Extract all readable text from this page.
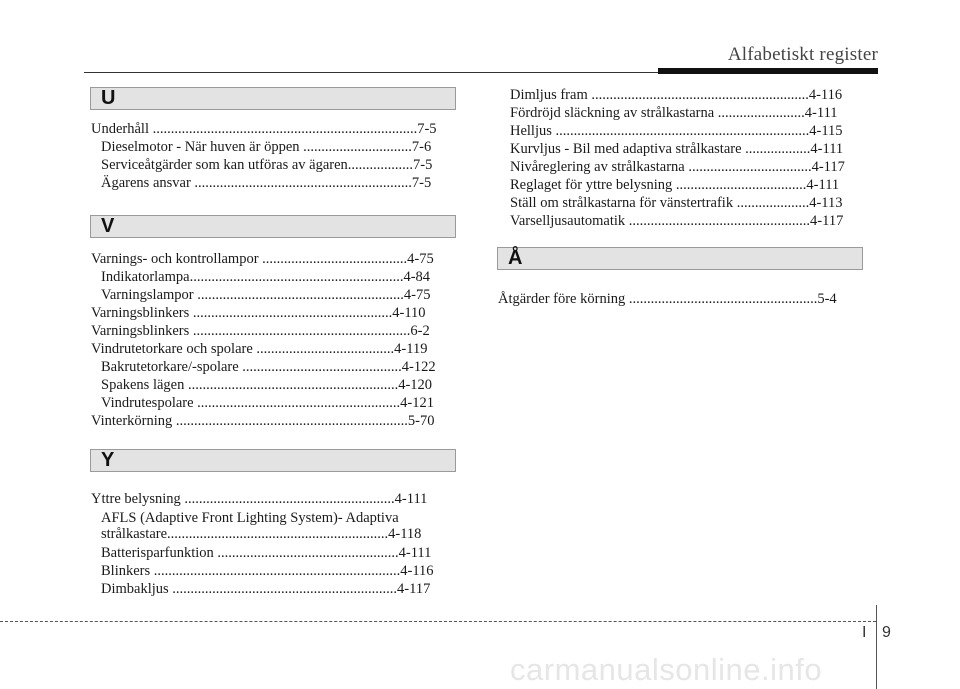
Alfabetiskt register
U
Underhåll .........................................................................7-5
Dieselmotor - När huven är öppen ..............................7-6
Serviceåtgärder som kan utföras av ägaren..................7-5
Ägarens ansvar ............................................................7-5
V
Varnings- och kontrollampor ........................................4-75
Indikatorlampa...........................................................4-84
Varningslampor .........................................................4-75
Varningsblinkers .......................................................4-110
Varningsblinkers ............................................................6-2
Vindrutetorkare och spolare ......................................4-119
Bakrutetorkare/-spolare ............................................4-122
Spakens lägen ..........................................................4-120
Vindrutespolare ........................................................4-121
Vinterkörning ................................................................5-70
Y
Yttre belysning ..........................................................4-111
AFLS (Adaptive Front Lighting System)- Adaptiva strålkastare.............................................................4-118
Batterisparfunktion ..................................................4-111
Blinkers ....................................................................4-116
Dimbakljus ..............................................................4-117
Dimljus fram ............................................................4-116
Fördröjd släckning av strålkastarna ........................4-111
Helljus ......................................................................4-115
Kurvljus - Bil med adaptiva strålkastare ..................4-111
Nivåreglering av strålkastarna ..................................4-117
Reglaget för yttre belysning ....................................4-111
Ställ om strålkastarna för vänstertrafik ....................4-113
Varselljusautomatik ..................................................4-117
Å
Åtgärder före körning ....................................................5-4
I 9
carmanualsonline.info
